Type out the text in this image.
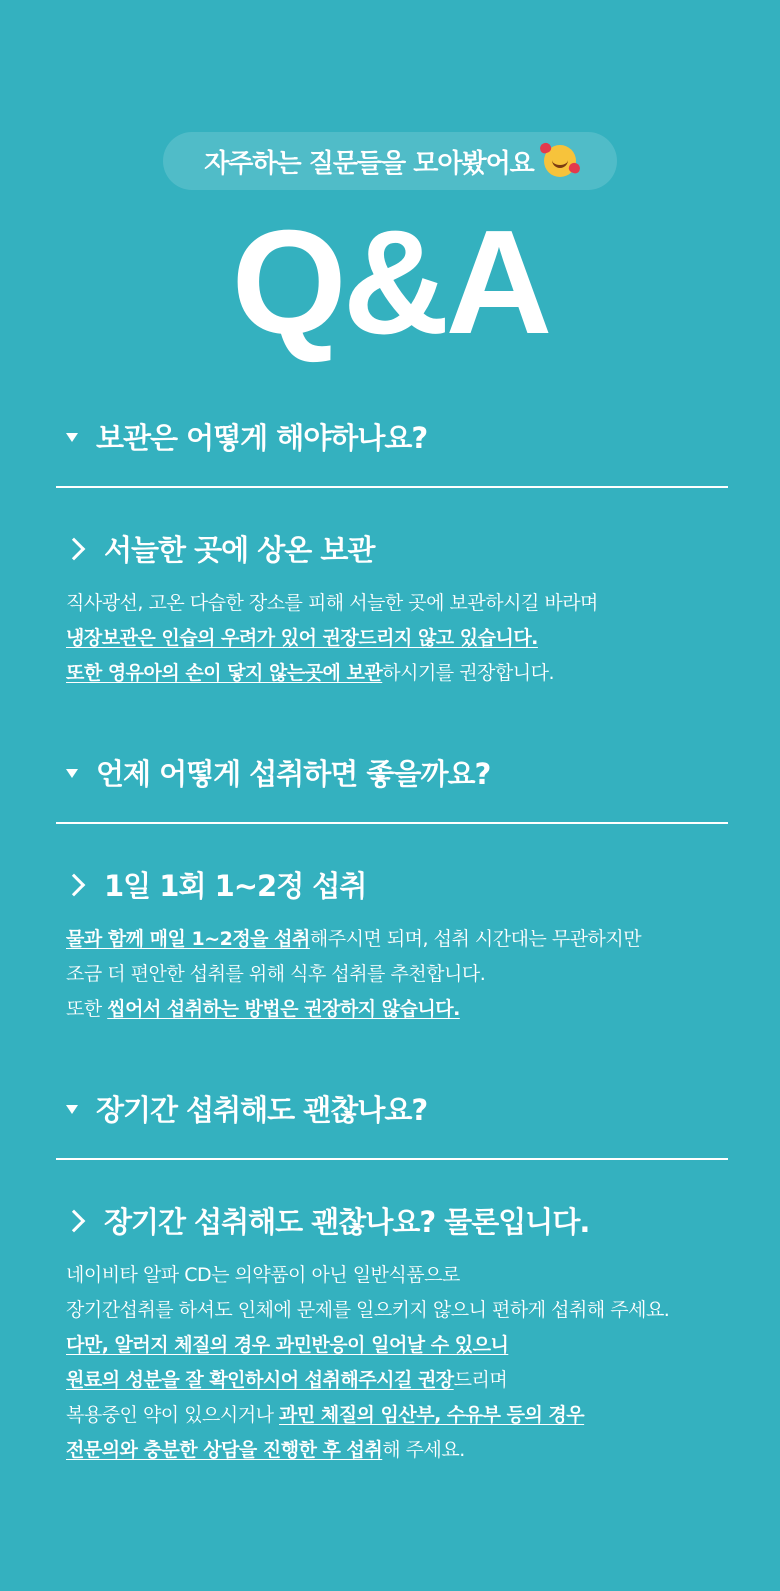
자주하는 질문들을 모아봤어요
Q&A
보관은 어떻게 해야하나요?
서늘한 곳에 상온 보관
직사광선, 고온 다습한 장소를 피해 서늘한 곳에 보관하시길 바라며
냉장보관은 인습의 우려가 있어 권장드리지 않고 있습니다.
또한 영유아의 손이 닿지 않는곳에 보관하시기를 권장합니다.
언제 어떻게 섭취하면 좋을까요?
1일 1회 1~2정 섭취
물과 함께 매일 1~2정을 섭취해주시면 되며, 섭취 시간대는 무관하지만
조금 더 편안한 섭취를 위해 식후 섭취를 추천합니다.
또한 씹어서 섭취하는 방법은 권장하지 않습니다.
장기간 섭취해도 괜찮나요?
장기간 섭취해도 괜찮나요? 물론입니다.
네이비타 알파 CD는 의약품이 아닌 일반식품으로
장기간섭취를 하셔도 인체에 문제를 일으키지 않으니 편하게 섭취해 주세요.
다만, 알러지 체질의 경우 과민반응이 일어날 수 있으니
원료의 성분을 잘 확인하시어 섭취해주시길 권장드리며
복용중인 약이 있으시거나 과민 체질의 임산부, 수유부 등의 경우
전문의와 충분한 상담을 진행한 후 섭취해 주세요.
